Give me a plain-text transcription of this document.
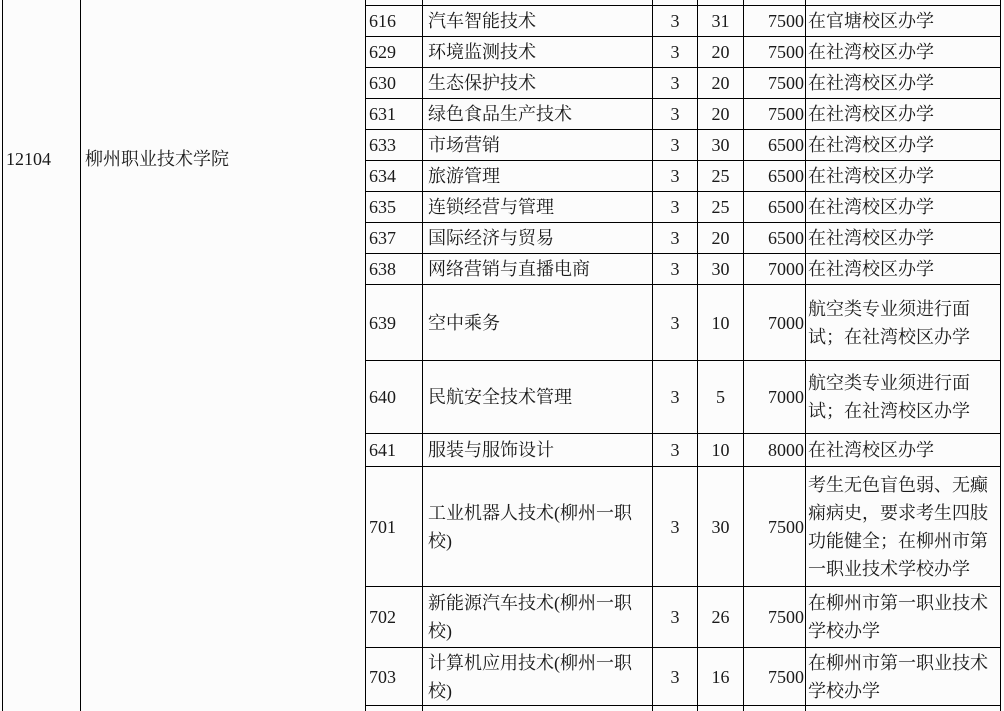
12104	柳州职业技术学院						
		616	汽车智能技术	3	31	7500	在官塘校区办学
		629	环境监测技术	3	20	7500	在社湾校区办学
		630	生态保护技术	3	20	7500	在社湾校区办学
		631	绿色食品生产技术	3	20	7500	在社湾校区办学
		633	市场营销	3	30	6500	在社湾校区办学
		634	旅游管理	3	25	6500	在社湾校区办学
		635	连锁经营与管理	3	25	6500	在社湾校区办学
		637	国际经济与贸易	3	20	6500	在社湾校区办学
		638	网络营销与直播电商	3	30	7000	在社湾校区办学
		639	空中乘务	3	10	7000	航空类专业须进行面试；在社湾校区办学
		640	民航安全技术管理	3	5	7000	航空类专业须进行面试；在社湾校区办学
		641	服装与服饰设计	3	10	8000	在社湾校区办学
		701	工业机器人技术(柳州一职校)	3	30	7500	考生无色盲色弱、无癫痫病史，要求考生四肢功能健全；在柳州市第一职业技术学校办学
		702	新能源汽车技术(柳州一职校)	3	26	7500	在柳州市第一职业技术学校办学
		703	计算机应用技术(柳州一职校)	3	16	7500	在柳州市第一职业技术学校办学
